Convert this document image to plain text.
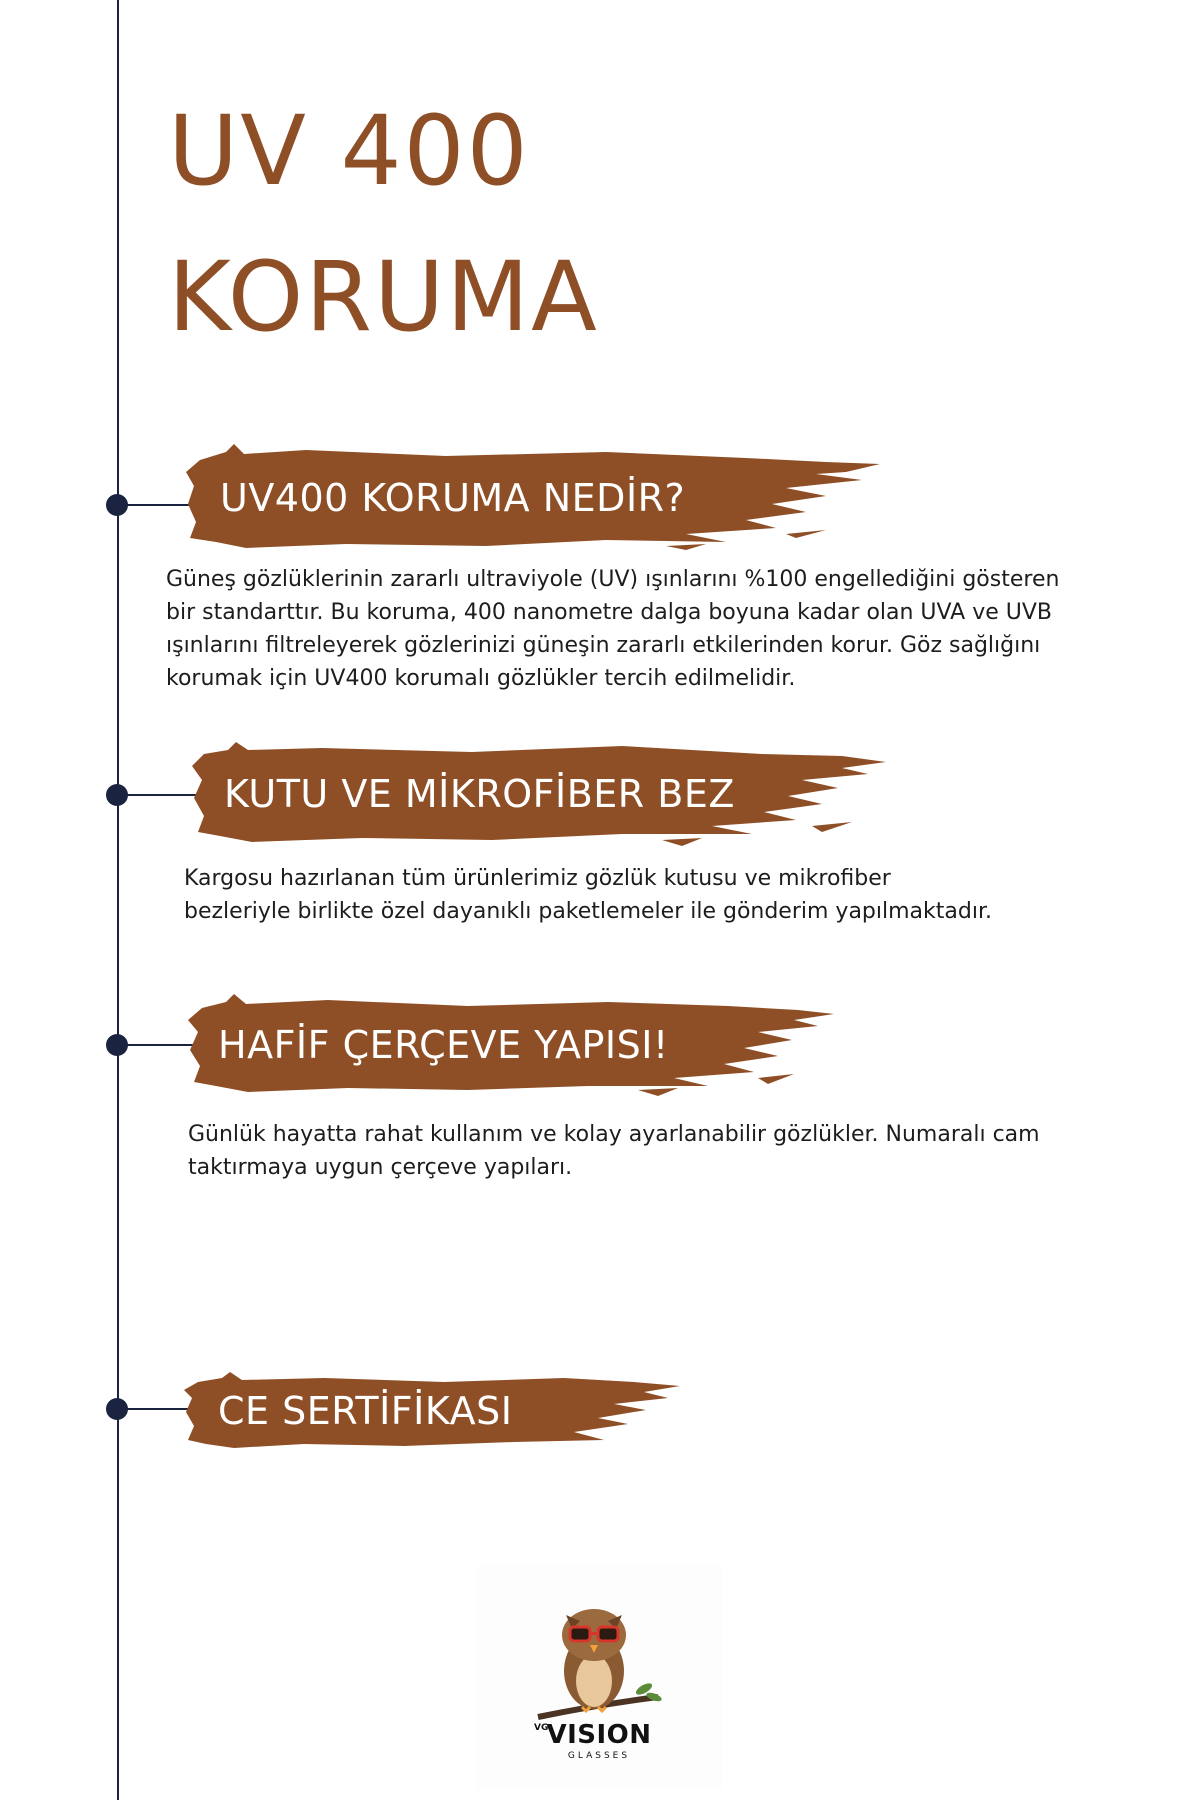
UV 400
KORUMA
UV400 KORUMA NEDİR?

Güneş gözlüklerinin zararlı ultraviyole (UV) ışınlarını %100 engellediğini gösteren bir standarttır. Bu koruma, 400 nanometre dalga boyuna kadar olan UVA ve UVB ışınlarını filtreleyerek gözlerinizi güneşin zararlı etkilerinden korur. Göz sağlığını korumak için UV400 korumalı gözlükler tercih edilmelidir.

KUTU VE MİKROFİBER BEZ

Kargosu hazırlanan tüm ürünlerimiz gözlük kutusu ve mikrofiber bezleriyle birlikte özel dayanıklı paketlemeler ile gönderim yapılmaktadır.

HAFİF ÇERÇEVE YAPISI!

Günlük hayatta rahat kullanım ve kolay ayarlanabilir gözlükler. Numaralı cam taktırmaya uygun çerçeve yapıları.

CE SERTİFİKASI
VG
VISION
GLASSES
